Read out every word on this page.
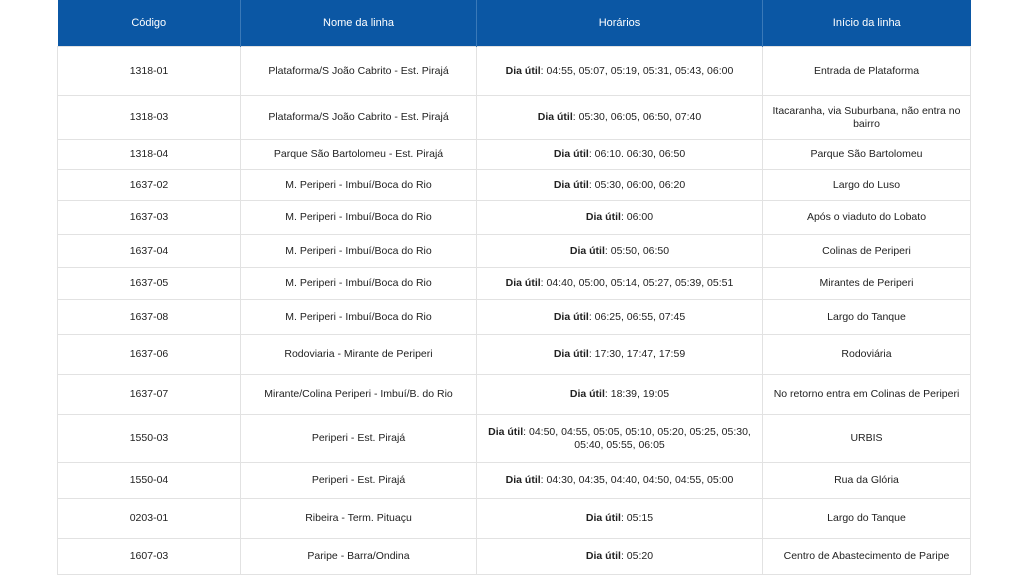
Código	Nome da linha	Horários	Início da linha
1318-01	Plataforma/S João Cabrito - Est. Pirajá	Dia útil: 04:55, 05:07, 05:19, 05:31, 05:43, 06:00	Entrada de Plataforma
1318-03	Plataforma/S João Cabrito - Est. Pirajá	Dia útil: 05:30, 06:05, 06:50, 07:40	Itacaranha, via Suburbana, não entra no bairro
1318-04	Parque São Bartolomeu - Est. Pirajá	Dia útil: 06:10. 06:30, 06:50	Parque São Bartolomeu
1637-02	M. Periperi - Imbuí/Boca do Rio	Dia útil: 05:30, 06:00, 06:20	Largo do Luso
1637-03	M. Periperi - Imbuí/Boca do Rio	Dia útil: 06:00	Após o viaduto do Lobato
1637-04	M. Periperi - Imbuí/Boca do Rio	Dia útil: 05:50, 06:50	Colinas de Periperi
1637-05	M. Periperi - Imbuí/Boca do Rio	Dia útil: 04:40, 05:00, 05:14, 05:27, 05:39, 05:51	Mirantes de Periperi
1637-08	M. Periperi - Imbuí/Boca do Rio	Dia útil: 06:25, 06:55, 07:45	Largo do Tanque
1637-06	Rodoviaria - Mirante de Periperi	Dia útil: 17:30, 17:47, 17:59	Rodoviária
1637-07	Mirante/Colina Periperi - Imbuí/B. do Rio	Dia útil: 18:39, 19:05	No retorno entra em Colinas de Periperi
1550-03	Periperi - Est. Pirajá	Dia útil: 04:50, 04:55, 05:05, 05:10, 05:20, 05:25, 05:30, 05:40, 05:55, 06:05	URBIS
1550-04	Periperi - Est. Pirajá	Dia útil: 04:30, 04:35, 04:40, 04:50, 04:55, 05:00	Rua da Glória
0203-01	Ribeira - Term. Pituaçu	Dia útil: 05:15	Largo do Tanque
1607-03	Paripe - Barra/Ondina	Dia útil: 05:20	Centro de Abastecimento de Paripe
